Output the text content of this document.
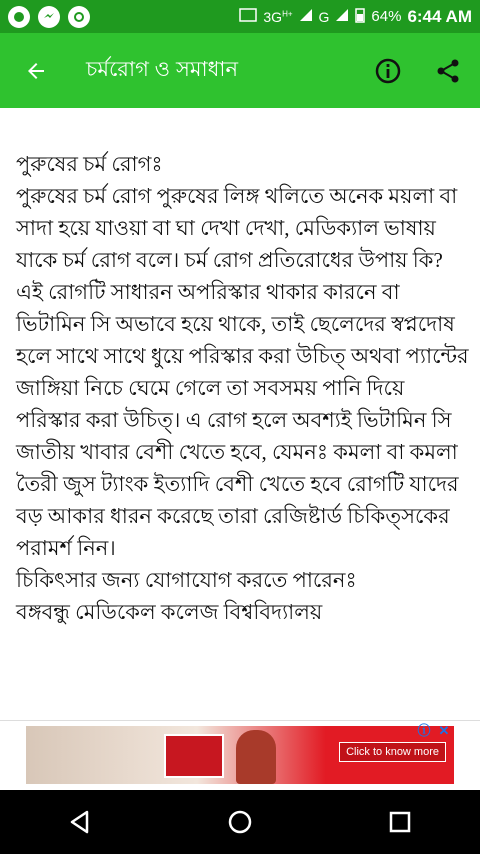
$3G^{H+}$ G	64% 6:44 AM
চর্মরোগ ও সমাধান

পুরুষের চর্ম রোগঃ
পুরুষের চর্ম রোগ পুরুষের লিঙ্গ থলিতে অনেক ময়লা বা সাদা হয়ে যাওয়া বা ঘা দেখা দেখা, মেডিক্যাল ভাষায় যাকে চর্ম রোগ বলে। চর্ম রোগ প্রতিরোধের উপায় কি? এই রোগটি সাধারন অপরিস্কার থাকার কারনে বা ভিটামিন সি অভাবে হয়ে থাকে, তাই ছেলেদের স্বপ্নদোষ হলে সাথে সাথে ধুয়ে পরিস্কার করা উচিত্ অথবা প্যান্টের জাঙ্গিয়া নিচে ঘেমে গেলে তা সবসময় পানি দিয়ে পরিস্কার করা উচিত্। এ রোগ হলে অবশ্যই ভিটামিন সি জাতীয় খাবার বেশী খেতে হবে, যেমনঃ কমলা বা কমলা তৈরী জুস ট্যাংক ইত্যাদি বেশী খেতে হবে রোগটি যাদের বড় আকার ধারন করেছে তারা রেজিষ্টার্ড চিকিত্সকের পরামর্শ নিন।
চিকিৎসার জন্য যোগাযোগ করতে পারেনঃ
বঙ্গবন্ধু মেডিকেল কলেজ বিশ্ববিদ্যালয়

Click to know more
ⓘ ✕
